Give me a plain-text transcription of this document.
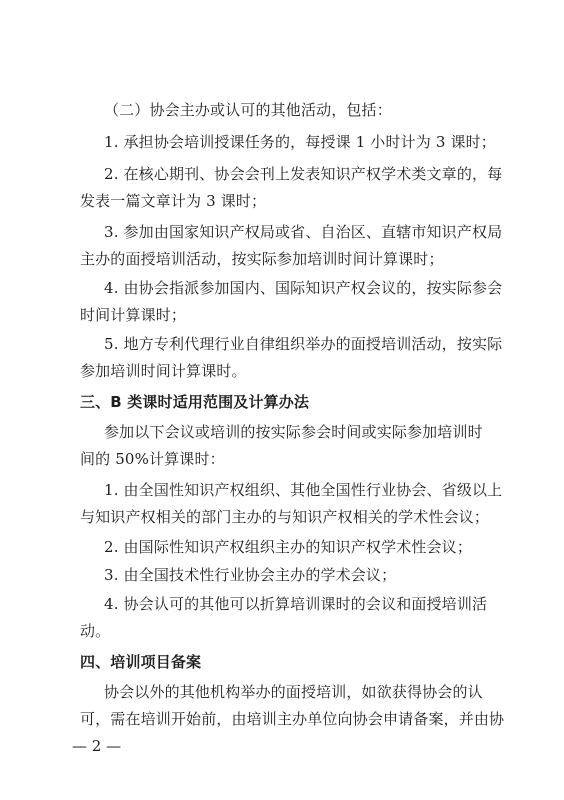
（二）协会主办或认可的其他活动，包括：
1. 承担协会培训授课任务的，每授课 1 小时计为 3 课时；
2. 在核心期刊、协会会刊上发表知识产权学术类文章的，每
发表一篇文章计为 3 课时；
3. 参加由国家知识产权局或省、自治区、直辖市知识产权局
主办的面授培训活动，按实际参加培训时间计算课时；
4. 由协会指派参加国内、国际知识产权会议的，按实际参会
时间计算课时；
5. 地方专利代理行业自律组织举办的面授培训活动，按实际
参加培训时间计算课时。
三、B 类课时适用范围及计算办法
参加以下会议或培训的按实际参会时间或实际参加培训时
间的 50%计算课时：
1. 由全国性知识产权组织、其他全国性行业协会、省级以上
与知识产权相关的部门主办的与知识产权相关的学术性会议；
2. 由国际性知识产权组织主办的知识产权学术性会议；
3. 由全国技术性行业协会主办的学术会议；
4. 协会认可的其他可以折算培训课时的会议和面授培训活
动。
四、培训项目备案
协会以外的其他机构举办的面授培训，如欲获得协会的认
可，需在培训开始前，由培训主办单位向协会申请备案，并由协
— 2 —
